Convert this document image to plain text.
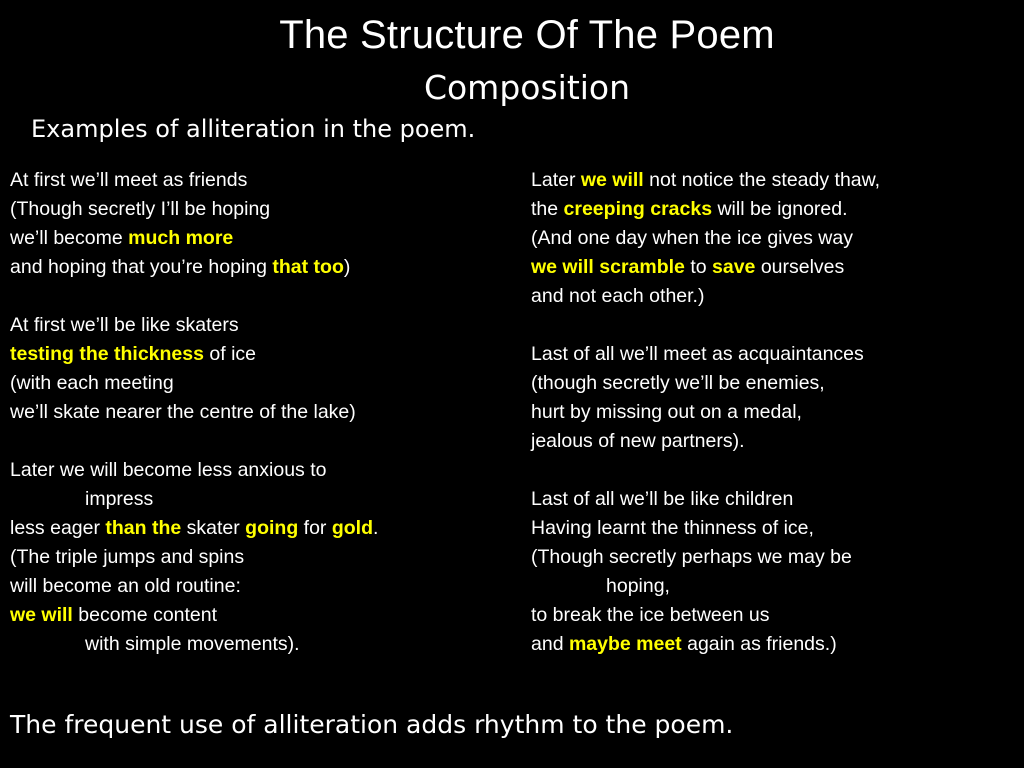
The Structure Of The Poem
Composition
Examples of alliteration in the poem.
At first we’ll meet as friends
(Though secretly I’ll be hoping
we’ll become much more
and hoping that you’re hoping that too)
At first we’ll be like skaters
testing the thickness of ice
(with each meeting
we’ll skate nearer the centre of the lake)
Later we will become less anxious to
impress
less eager than the skater going for gold.
(The triple jumps and spins
will become an old routine:
we will become content
with simple movements).
Later we will not notice the steady thaw,
the creeping cracks will be ignored.
(And one day when the ice gives way
we will scramble to save ourselves
and not each other.)
Last of all we’ll meet as acquaintances
(though secretly we’ll be enemies,
hurt by missing out on a medal,
jealous of new partners).
Last of all we’ll be like children
Having learnt the thinness of ice,
(Though secretly perhaps we may be
hoping,
to break the ice between us
and maybe meet again as friends.)
The frequent use of alliteration adds rhythm to the poem.
